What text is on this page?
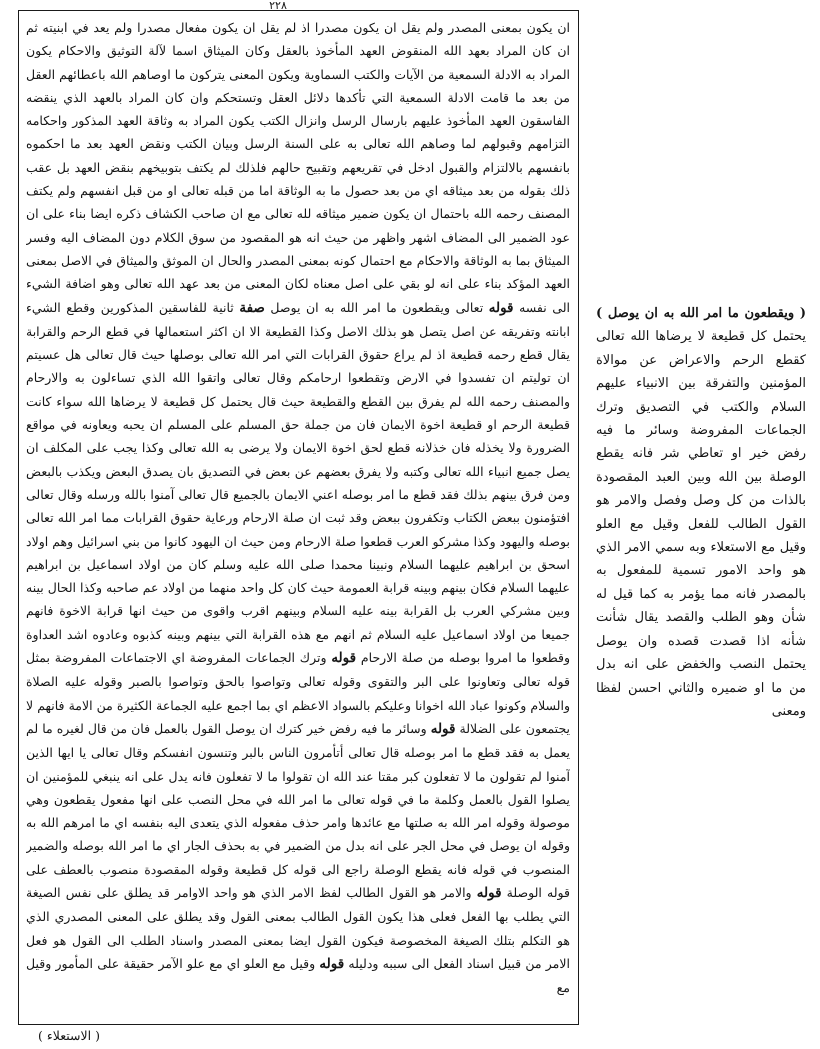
٢٢٨

ان يكون بمعنى المصدر ولم يقل ان يكون مصدرا اذ لم يقل ان يكون مفعال مصدرا ولم يعد في ابنيته ثم ان كان المراد بعهد الله المنقوض العهد المأخوذ بالعقل وكان الميثاق اسما لآلة التوثيق والاحكام يكون المراد به الادلة السمعية من الآيات والكتب السماوية ويكون المعنى يتركون ما اوصاهم الله باعطائهم العقل من بعد ما قامت الادلة السمعية التي تأكدها دلائل العقل وتستحكم وان كان المراد بالعهد الذي ينقضه الفاسقون العهد المأخوذ عليهم بارسال الرسل وانزال الكتب يكون المراد به وثاقة العهد المذكور واحكامه التزامهم وقبولهم لما وصاهم الله تعالى به على السنة الرسل وبيان الكتب ونقض العهد بعد ما احكموه بانفسهم بالالتزام والقبول ادخل في تقريعهم وتقبيح حالهم فلذلك لم يكتف بتوبيخهم بنقض العهد بل عقب ذلك بقوله من بعد ميثاقه اي من بعد حصول ما به الوثاقة اما من قبله تعالى او من قبل انفسهم ولم يكتف المصنف رحمه الله باحتمال ان يكون ضمير ميثاقه لله تعالى مع ان صاحب الكشاف ذكره ايضا بناء على ان عود الضمير الى المضاف اشهر واظهر من حيث انه هو المقصود من سوق الكلام دون المضاف اليه وفسر الميثاق بما به الوثاقة والاحكام مع احتمال كونه بمعنى المصدر والحال ان الموثق والميثاق في الاصل بمعنى العهد المؤكد بناء على انه لو بقي على اصل معناه لكان المعنى من بعد عهد الله تعالى وهو اضافة الشيء الى نفسه قوله تعالى ويقطعون ما امر الله به ان يوصل صفة ثانية للفاسقين المذكورين وقطع الشيء ابانته وتفريقه عن اصل يتصل هو بذلك الاصل وكذا القطيعة الا ان اكثر استعمالها في قطع الرحم والقرابة يقال قطع رحمه قطيعة اذ لم يراع حقوق القرابات التي امر الله تعالى بوصلها حيث قال تعالى هل عسيتم ان توليتم ان تفسدوا في الارض وتقطعوا ارحامكم وقال تعالى واتقوا الله الذي تساءلون به والارحام والمصنف رحمه الله لم يفرق بين القطع والقطيعة حيث قال يحتمل كل قطيعة لا يرضاها الله سواء كانت قطيعة الرحم او قطيعة اخوة الايمان فان من جملة حق المسلم على المسلم ان يحبه ويعاونه في مواقع الضرورة ولا يخذله فان خذلانه قطع لحق اخوة الايمان ولا يرضى به الله تعالى وكذا يجب على المكلف ان يصل جميع انبياء الله تعالى وكتبه ولا يفرق بعضهم عن بعض في التصديق بان يصدق البعض ويكذب بالبعض ومن فرق بينهم بذلك فقد قطع ما امر بوصله اعني الايمان بالجميع قال تعالى آمنوا بالله ورسله وقال تعالى افتؤمنون ببعض الكتاب وتكفرون ببعض وقد ثبت ان صلة الارحام ورعاية حقوق القرابات مما امر الله تعالى بوصله واليهود وكذا مشركو العرب قطعوا صلة الارحام ومن حيث ان اليهود كانوا من بني اسرائيل وهم اولاد اسحق بن ابراهيم عليهما السلام ونبينا محمدا صلى الله عليه وسلم كان من اولاد اسماعيل بن ابراهيم عليهما السلام فكان بينهم وبينه قرابة العمومة حيث كان كل واحد منهما من اولاد عم صاحبه وكذا الحال بينه وبين مشركي العرب بل القرابة بينه عليه السلام وبينهم اقرب واقوى من حيث انها قرابة الاخوة فانهم جميعا من اولاد اسماعيل عليه السلام ثم انهم مع هذه القرابة التي بينهم وبينه كذبوه وعادوه اشد العداوة وقطعوا ما امروا بوصله من صلة الارحام قوله وترك الجماعات المفروضة اي الاجتماعات المفروضة بمثل قوله تعالى وتعاونوا على البر والتقوى وقوله تعالى وتواصوا بالحق وتواصوا بالصبر وقوله عليه الصلاة والسلام وكونوا عباد الله اخوانا وعليكم بالسواد الاعظم اي بما اجمع عليه الجماعة الكثيرة من الامة فانهم لا يجتمعون على الضلالة قوله وسائر ما فيه رفض خير كترك ان يوصل القول بالعمل فان من قال لغيره ما لم يعمل به فقد قطع ما امر بوصله قال تعالى أتأمرون الناس بالبر وتنسون انفسكم وقال تعالى يا ايها الذين آمنوا لم تقولون ما لا تفعلون كبر مقتا عند الله ان تقولوا ما لا تفعلون فانه يدل على انه ينبغي للمؤمنين ان يصلوا القول بالعمل وكلمة ما في قوله تعالى ما امر الله في محل النصب على انها مفعول يقطعون وهي موصولة وقوله امر الله به صلتها مع عائدها وامر حذف مفعوله الذي يتعدى اليه بنفسه اي ما امرهم الله به وقوله ان يوصل في محل الجر على انه بدل من الضمير في به بحذف الجار اي ما امر الله بوصله والضمير المنصوب في قوله فانه يقطع الوصلة راجع الى قوله كل قطيعة وقوله المقصودة منصوب بالعطف على قوله الوصلة قوله والامر هو القول الطالب لفظ الامر الذي هو واحد الاوامر قد يطلق على نفس الصيغة التي يطلب بها الفعل فعلى هذا يكون القول الطالب بمعنى القول وقد يطلق على المعنى المصدري الذي هو التكلم بتلك الصيغة المخصوصة فيكون القول ايضا بمعنى المصدر واسناد الطلب الى القول هو فعل الامر من قبيل اسناد الفعل الى سببه ودليله قوله وقيل مع العلو اي مع علو الآمر حقيقة على المأمور وقيل مع

( ويقطعون ما امر الله به ان يوصل ) يحتمل كل قطيعة لا يرضاها الله تعالى كقطع الرحم والاعراض عن موالاة المؤمنين والتفرقة بين الانبياء عليهم السلام والكتب في التصديق وترك الجماعات المفروضة وسائر ما فيه رفض خير او تعاطي شر فانه يقطع الوصلة بين الله وبين العبد المقصودة بالذات من كل وصل وفصل والامر هو القول الطالب للفعل وقيل مع العلو وقيل مع الاستعلاء وبه سمي الامر الذي هو واحد الامور تسمية للمفعول به بالمصدر فانه مما يؤمر به كما قيل له شأن وهو الطلب والقصد يقال شأنت شأنه اذا قصدت قصده وان يوصل يحتمل النصب والخفض على انه بدل من ما او ضميره والثاني احسن لفظا ومعنى

( الاستعلاء )
